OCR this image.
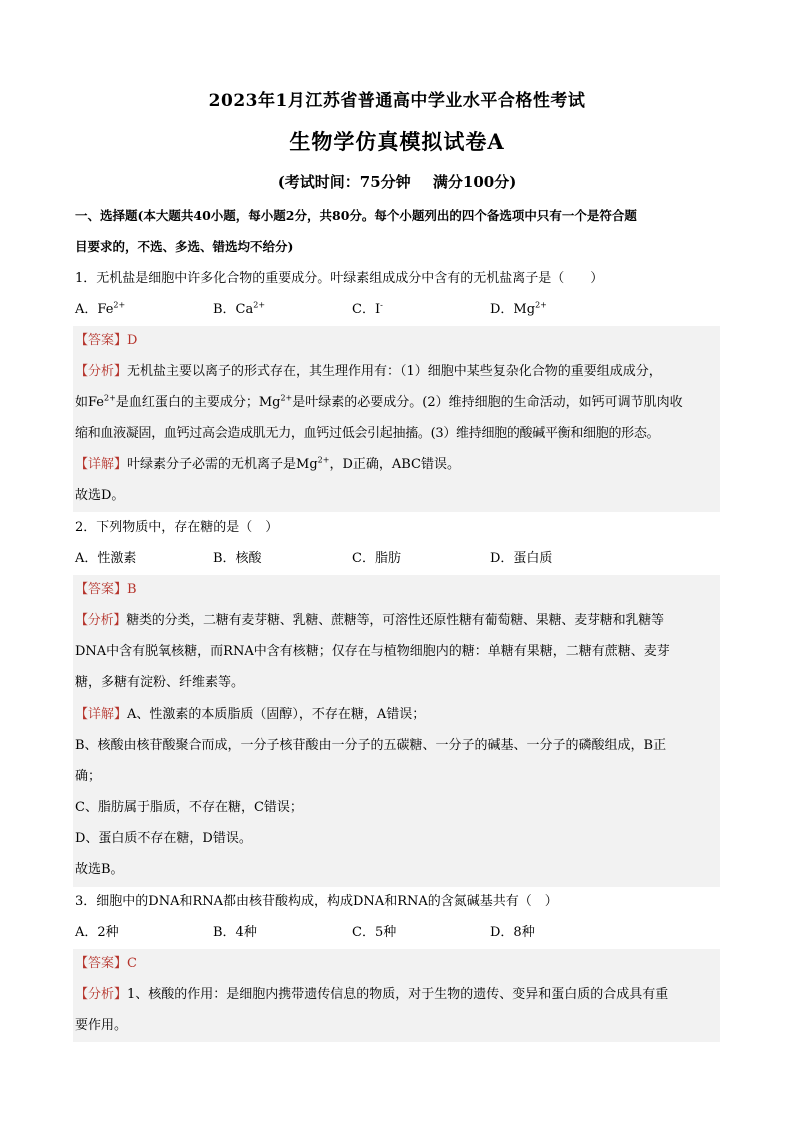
2023年1月江苏省普通高中学业水平合格性考试
生物学仿真模拟试卷A
(考试时间：75分钟　 满分100分)
一、选择题(本大题共40小题，每小题2分，共80分。每个小题列出的四个备选项中只有一个是符合题
目要求的，不选、多选、错选均不给分)
1．无机盐是细胞中许多化合物的重要成分。叶绿素组成成分中含有的无机盐离子是（　　）
A．$Fe^{2+}$	B．$Ca^{2+}$	C．I-	D．$Mg^{2+}$
【答案】D
【分析】无机盐主要以离子的形式存在，其生理作用有：（1）细胞中某些复杂化合物的重要组成成分，
如$Fe^{2+}$是血红蛋白的主要成分；$Mg^{2+}$是叶绿素的必要成分。(2）维持细胞的生命活动，如钙可调节肌肉收
缩和血液凝固，血钙过高会造成肌无力，血钙过低会引起抽搐。(3）维持细胞的酸碱平衡和细胞的形态。
【详解】叶绿素分子必需的无机离子是$Mg^{2+}$，D正确，ABC错误。
故选D。
2．下列物质中，存在糖的是（　）
A．性激素	B．核酸	C．脂肪	D．蛋白质
【答案】B
【分析】糖类的分类，二糖有麦芽糖、乳糖、蔗糖等，可溶性还原性糖有葡萄糖、果糖、麦芽糖和乳糖等
DNA中含有脱氧核糖，而RNA中含有核糖；仅存在与植物细胞内的糖：单糖有果糖，二糖有蔗糖、麦芽
糖，多糖有淀粉、纤维素等。
【详解】A、性激素的本质脂质（固醇），不存在糖，A错误；
B、核酸由核苷酸聚合而成，一分子核苷酸由一分子的五碳糖、一分子的碱基、一分子的磷酸组成，B正
确；
C、脂肪属于脂质，不存在糖，C错误；
D、蛋白质不存在糖，D错误。
故选B。
3．细胞中的DNA和RNA都由核苷酸构成，构成DNA和RNA的含氮碱基共有（　）
A．2种	B．4种	C．5种	D．8种
【答案】C
【分析】1、核酸的作用：是细胞内携带遗传信息的物质，对于生物的遗传、变异和蛋白质的合成具有重
要作用。
